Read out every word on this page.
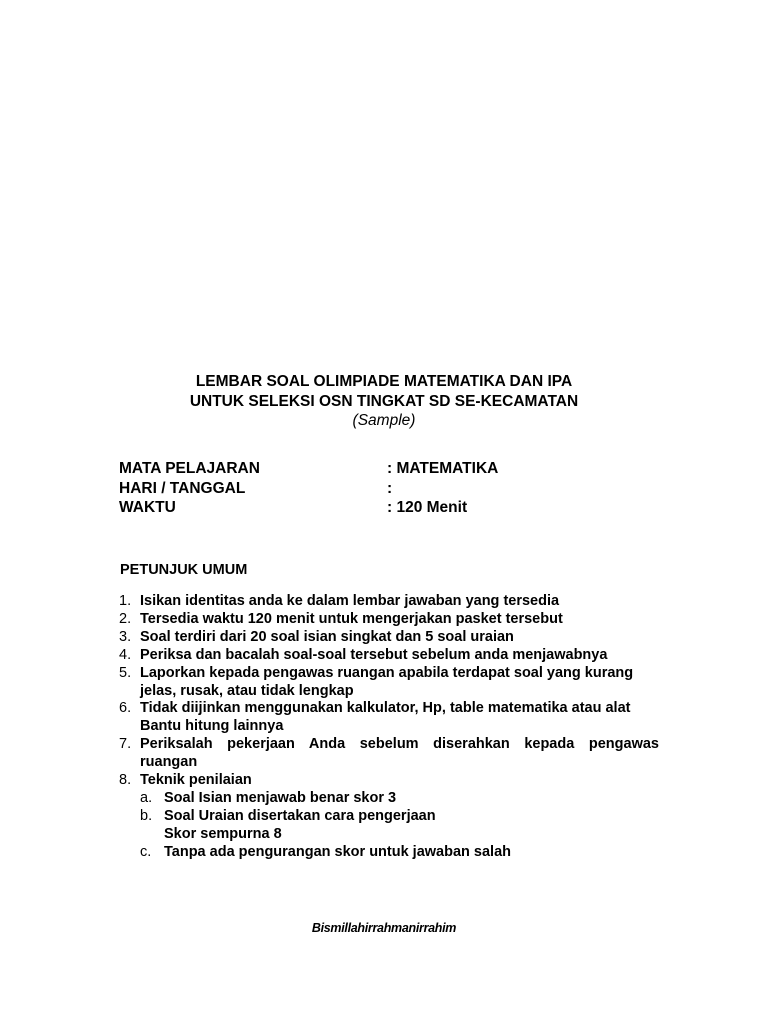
LEMBAR SOAL OLIMPIADE MATEMATIKA DAN IPA
UNTUK SELEKSI OSN TINGKAT SD SE-KECAMATAN
(Sample)
MATA PELAJARAN	: MATEMATIKA
HARI / TANGGAL	:
WAKTU	: 120 Menit
PETUNJUK UMUM
1. Isikan identitas anda ke dalam lembar jawaban yang tersedia
2. Tersedia waktu 120 menit untuk mengerjakan pasket tersebut
3. Soal terdiri dari 20 soal isian singkat dan 5 soal uraian
4. Periksa dan bacalah soal-soal tersebut sebelum anda menjawabnya
5. Laporkan kepada pengawas ruangan apabila terdapat soal yang kurang
jelas, rusak, atau tidak lengkap
6. Tidak diijinkan menggunakan kalkulator, Hp, table matematika atau alat
Bantu hitung lainnya
7. Periksalah pekerjaan Anda sebelum diserahkan kepada pengawas
ruangan
8. Teknik penilaian
a. Soal Isian menjawab benar skor 3
b. Soal Uraian disertakan cara pengerjaan
Skor sempurna 8
c. Tanpa ada pengurangan skor untuk jawaban salah
Bismillahirrahmanirrahim
